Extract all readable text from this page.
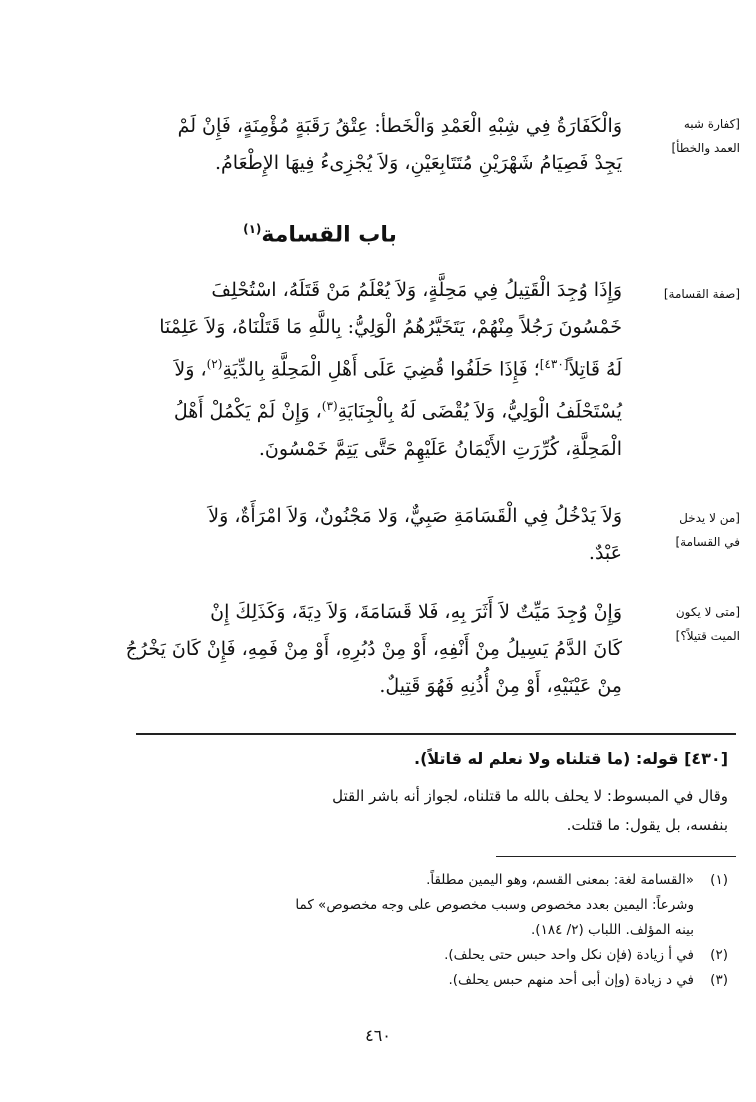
[كفارة شبه
العمد والخطأ]
[صفة القسامة]
[من لا يدخل
في القسامة]
[متى لا يكون
الميت قتيلاً؟]
وَالْكَفَارَةُ فِي شِبْهِ الْعَمْدِ وَالْخَطأ: عِتْقُ رَقَبَةٍ مُؤْمِنَةٍ، فَإِنْ لَمْ
يَجِدْ فَصِيَامُ شَهْرَيْنِ مُتَتَابِعَيْنِ، وَلاَ يُجْزِىءُ فِيهَا الإِطْعَامُ.
باب القسامة$^{(١)}$
وَإِذَا وُجِدَ الْقَتِيلُ فِي مَحِلَّةٍ، وَلاَ يُعْلَمُ مَنْ قَتَلَهُ، اسْتُحْلِفَ
خَمْسُونَ رَجُلاً مِنْهُمْ، يَتَخَيَّرُهُمُ الْوَلِيُّ: بِاللَّهِ مَا قَتَلْنَاهُ، وَلاَ عَلِمْنَا
لَهُ قَاتِلاً[٤٣٠]؛ فَإِذَا حَلَفُوا قُضِيَ عَلَى أَهْلِ الْمَحِلَّةِ بِالدِّيَةِ$^{(٢)}$، وَلاَ
يُسْتَحْلَفُ الْوَلِيُّ، وَلاَ يُقْضَى لَهُ بِالْجِنَايَةِ$^{(٣)}$، وَإِنْ لَمْ يَكْمُلْ أَهْلُ
الْمَحِلَّةِ، كُرِّرَتِ الأَيْمَانُ عَلَيْهِمْ حَتَّى يَتِمَّ خَمْسُونَ.
وَلاَ يَدْخُلُ فِي الْقَسَامَةِ صَبِيٌّ، وَلا مَجْنُونٌ، وَلاَ امْرَأَةٌ، وَلاَ
عَبْدٌ.
وَإِنْ وُجِدَ مَيِّتٌ لاَ أَثَرَ بِهِ، فَلا قَسَامَةَ، وَلاَ دِيَةَ، وَكَذَلِكَ إِنْ
كَانَ الدَّمُ يَسِيلُ مِنْ أَنْفِهِ، أَوْ مِنْ دُبُرِهِ، أَوْ مِنْ فَمِهِ، فَإِنْ كَانَ يَخْرُجُ
مِنْ عَيْنَيْهِ، أَوْ مِنْ أُذُنِهِ فَهُوَ قَتِيلٌ.
[٤٣٠] قوله: (ما قتلناه ولا نعلم له قاتلاً).
وقال في المبسوط: لا يحلف بالله ما قتلناه، لجواز أنه باشر القتل
بنفسه، بل يقول: ما قتلت.
(١)«القسامة لغة: بمعنى القسم، وهو اليمين مطلقاً.
وشرعاً: اليمين بعدد مخصوص وسبب مخصوص على وجه مخصوص» كما
بينه المؤلف. اللباب (٢/ ١٨٤).
(٢)في أ زيادة (فإن نكل واحد حبس حتى يحلف).
(٣)في د زيادة (وإن أبى أحد منهم حبس يحلف).
٤٦٠
